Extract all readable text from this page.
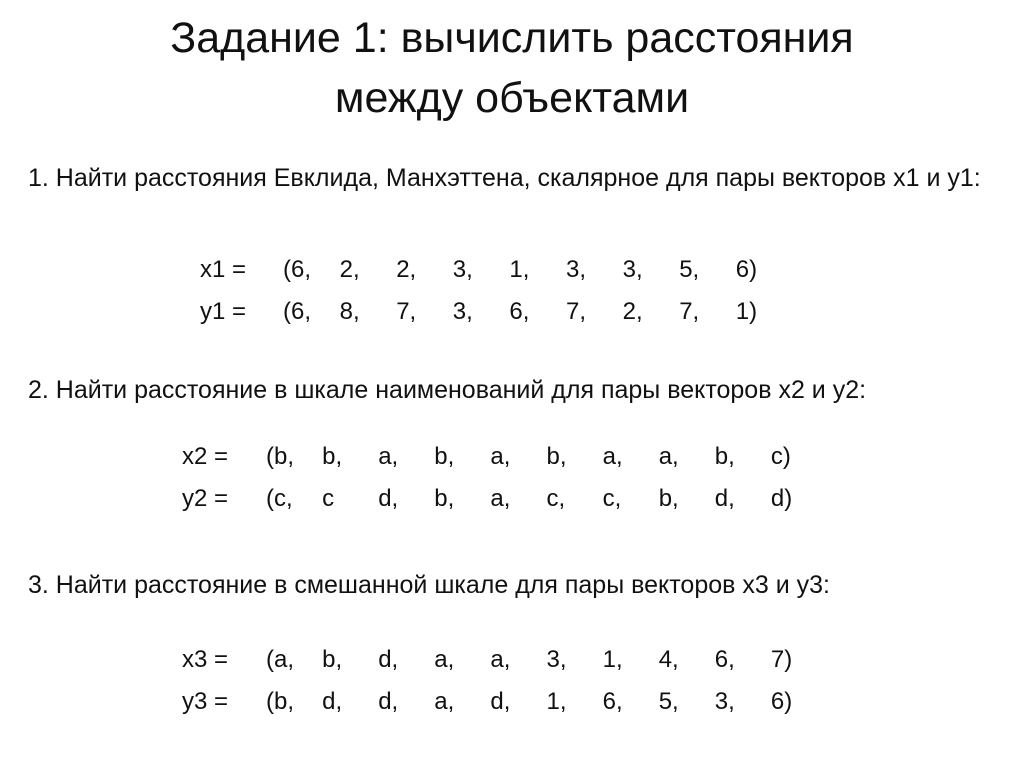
Задание 1: вычислить расстояния
между объектами
1. Найти расстояния Евклида, Манхэттена, скалярное для пары векторов x1 и y1:
x1 = (6, 2, 2, 3, 1, 3, 3, 5, 6)
y1 = (6, 8, 7, 3, 6, 7, 2, 7, 1)
2. Найти расстояние в шкале наименований для пары векторов x2 и y2:
x2 = (b, b, a, b, a, b, a, a, b, c)
y2 = (c, c d, b, a, c, c, b, d, d)
3. Найти расстояние в смешанной шкале для пары векторов x3 и y3:
x3 = (a, b, d, a, a, 3, 1, 4, 6, 7)
y3 = (b, d, d, a, d, 1, 6, 5, 3, 6)
